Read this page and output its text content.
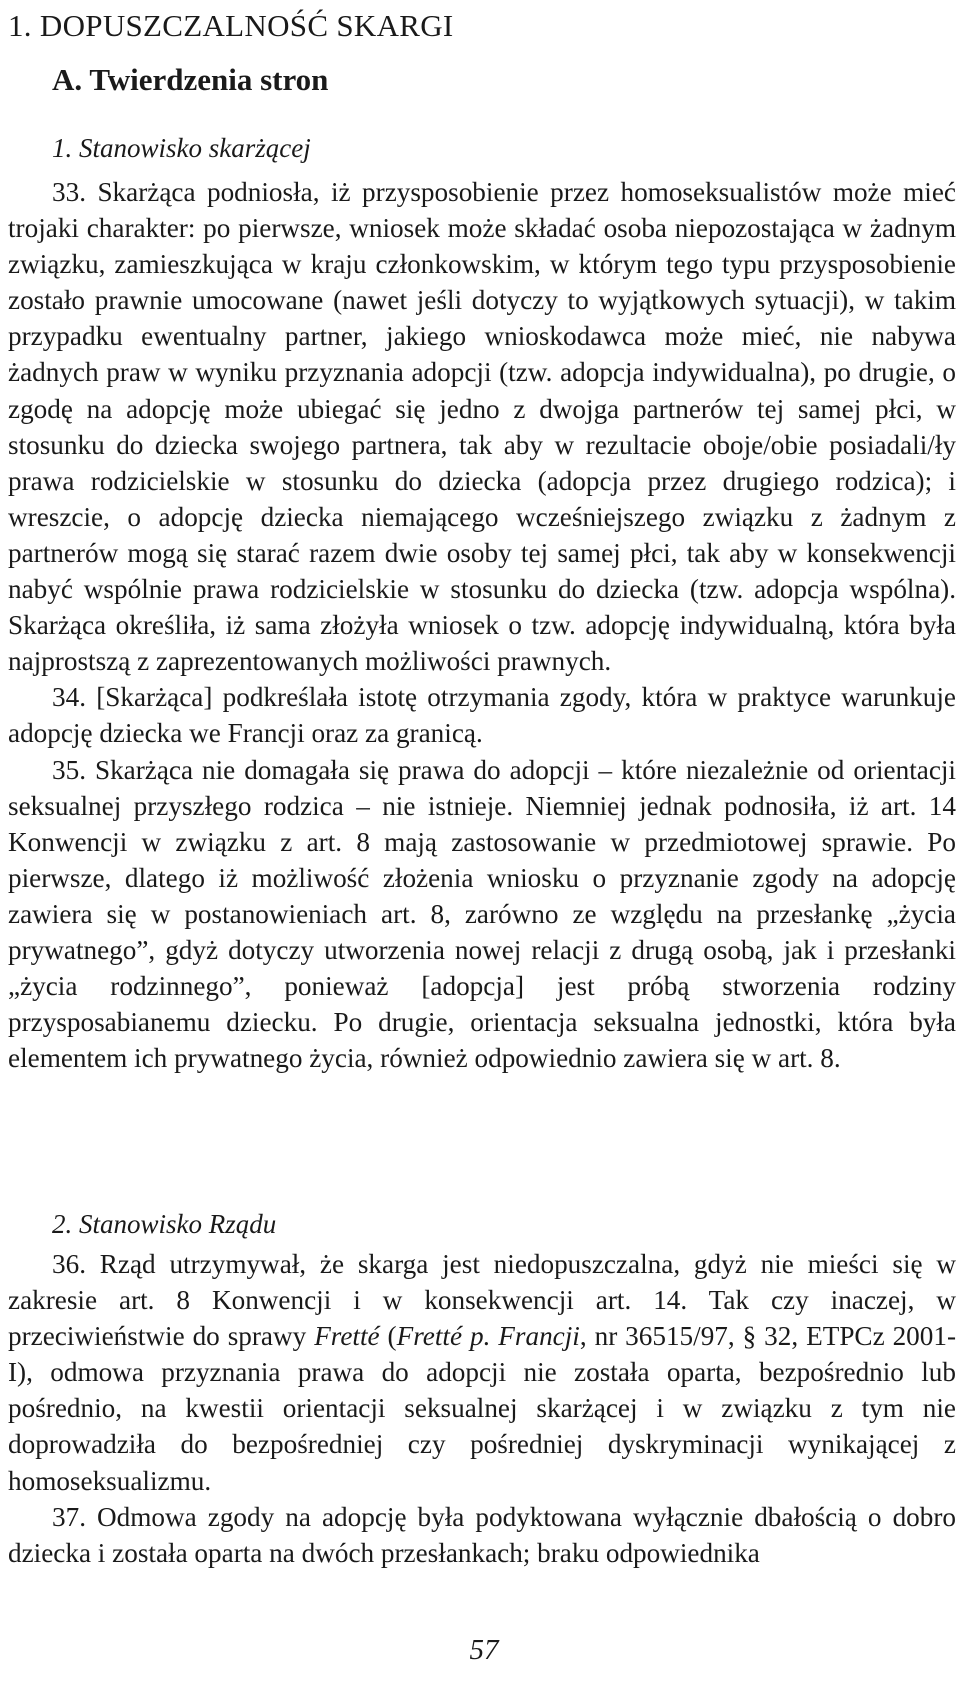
1. DOPUSZCZALNOŚĆ SKARGI
A. Twierdzenia stron
1. Stanowisko skarżącej

33. Skarżąca podniosła, iż przysposobienie przez homoseksualistów może mieć trojaki charakter: po pierwsze, wniosek może składać osoba niepozostająca w żadnym związku, zamieszkująca w kraju członkowskim, w którym tego typu przysposobienie zostało prawnie umocowane (nawet jeśli dotyczy to wyjątkowych sytuacji), w takim przypadku ewentualny partner, jakiego wnioskodawca może mieć, nie nabywa żadnych praw w wyniku przyznania adopcji (tzw. adopcja indywidualna), po drugie, o zgodę na adopcję może ubiegać się jedno z dwojga partnerów tej samej płci, w stosunku do dziecka swojego partnera, tak aby w rezultacie oboje/obie posiadali/ły prawa rodzicielskie w stosunku do dziecka (adopcja przez drugiego rodzica); i wreszcie, o adopcję dziecka niemającego wcześniejszego związku z żadnym z partnerów mogą się starać razem dwie osoby tej samej płci, tak aby w konsekwencji nabyć wspólnie prawa rodzicielskie w stosunku do dziecka (tzw. adopcja wspólna). Skarżąca określiła, iż sama złożyła wniosek o tzw. adopcję indywidualną, która była najprostszą z zaprezentowanych możliwości prawnych.

34. [Skarżąca] podkreślała istotę otrzymania zgody, która w praktyce warunkuje adopcję dziecka we Francji oraz za granicą.

35. Skarżąca nie domagała się prawa do adopcji – które niezależnie od orientacji seksualnej przyszłego rodzica – nie istnieje. Niemniej jednak podnosiła, iż art. 14 Konwencji w związku z art. 8 mają zastosowanie w przedmiotowej sprawie. Po pierwsze, dlatego iż możliwość złożenia wniosku o przyznanie zgody na adopcję zawiera się w postanowieniach art. 8, zarówno ze względu na przesłankę „życia prywatnego”, gdyż dotyczy utworzenia nowej relacji z drugą osobą, jak i przesłanki „życia rodzinnego”, ponieważ [adopcja] jest próbą stworzenia rodziny przysposabianemu dziecku. Po drugie, orientacja seksualna jednostki, która była elementem ich prywatnego życia, również odpowiednio zawiera się w art. 8.

2. Stanowisko Rządu

36. Rząd utrzymywał, że skarga jest niedopuszczalna, gdyż nie mieści się w zakresie art. 8 Konwencji i w konsekwencji art. 14. Tak czy inaczej, w przeciwieństwie do sprawy Fretté (Fretté p. Francji, nr 36515/97, § 32, ETPCz 2001-I), odmowa przyznania prawa do adopcji nie została oparta, bezpośrednio lub pośrednio, na kwestii orientacji seksualnej skarżącej i w związku z tym nie doprowadziła do bezpośredniej czy pośredniej dyskryminacji wynikającej z homoseksualizmu.

37. Odmowa zgody na adopcję była podyktowana wyłącznie dbałością o dobro dziecka i została oparta na dwóch przesłankach; braku odpowiednika

57
